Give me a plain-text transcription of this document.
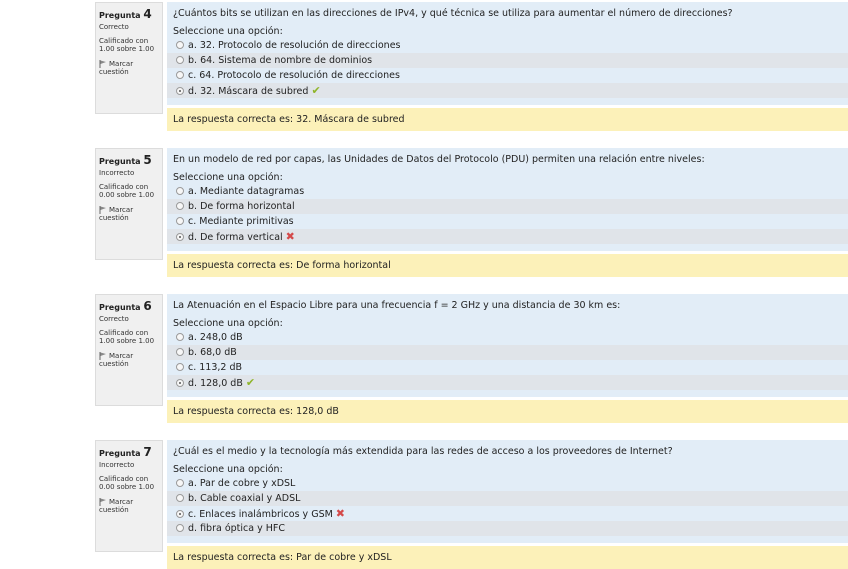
Pregunta 4
Correcto
Calificado con 1.00 sobre 1.00
Marcar cuestión
¿Cuántos bits se utilizan en las direcciones de IPv4, y qué técnica se utiliza para aumentar el número de direcciones?
Seleccione una opción:
a. 32. Protocolo de resolución de direcciones
b. 64. Sistema de nombre de dominios
c. 64. Protocolo de resolución de direcciones
d. 32. Máscara de subred ✔
La respuesta correcta es: 32. Máscara de subred
Pregunta 5
Incorrecto
Calificado con 0.00 sobre 1.00
Marcar cuestión
En un modelo de red por capas, las Unidades de Datos del Protocolo (PDU) permiten una relación entre niveles:
Seleccione una opción:
a. Mediante datagramas
b. De forma horizontal
c. Mediante primitivas
d. De forma vertical ✖
La respuesta correcta es: De forma horizontal
Pregunta 6
Correcto
Calificado con 1.00 sobre 1.00
Marcar cuestión
La Atenuación en el Espacio Libre para una frecuencia f = 2 GHz y una distancia de 30 km es:
Seleccione una opción:
a. 248,0 dB
b. 68,0 dB
c. 113,2 dB
d. 128,0 dB ✔
La respuesta correcta es: 128,0 dB
Pregunta 7
Incorrecto
Calificado con 0.00 sobre 1.00
Marcar cuestión
¿Cuál es el medio y la tecnología más extendida para las redes de acceso a los proveedores de Internet?
Seleccione una opción:
a. Par de cobre y xDSL
b. Cable coaxial y ADSL
c. Enlaces inalámbricos y GSM ✖
d. fibra óptica y HFC
La respuesta correcta es: Par de cobre y xDSL
